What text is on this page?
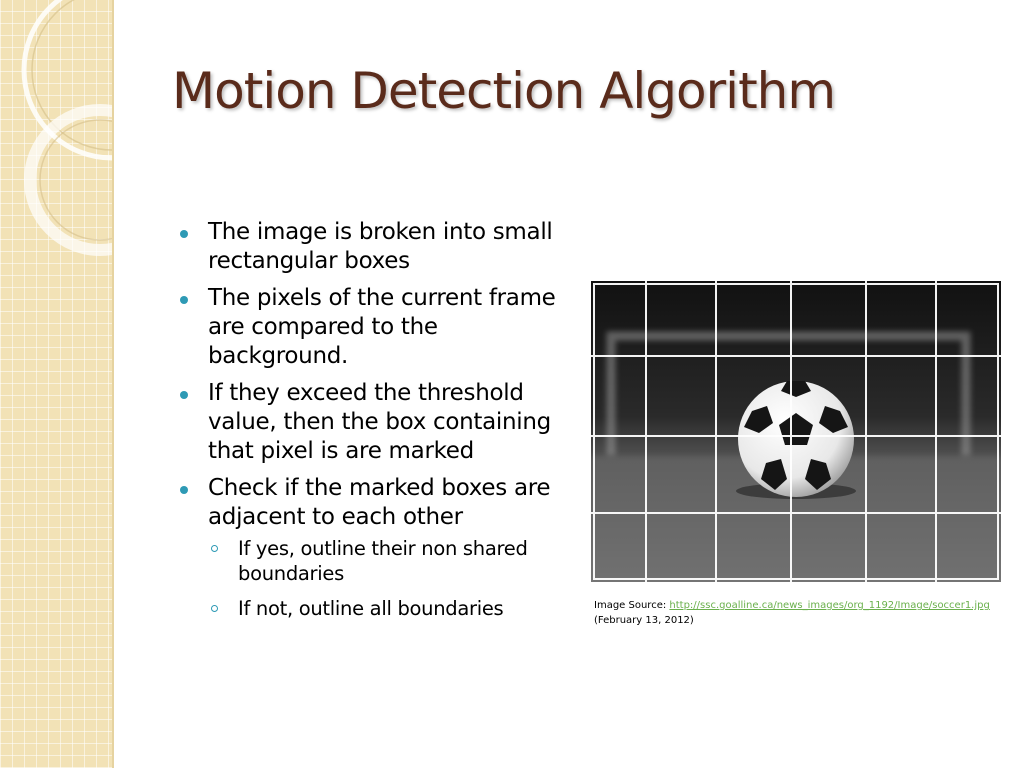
Motion Detection Algorithm
The image is broken into small rectangular boxes
The pixels of the current frame are compared to the background.
If they exceed the threshold value, then the box containing that pixel is are marked
Check if the marked boxes are adjacent to each other
If yes, outline their non shared boundaries
If not, outline all boundaries	Image Source: http://ssc.goalline.ca/news_images/org_1192/Image/soccer1.jpg
(February 13, 2012)
